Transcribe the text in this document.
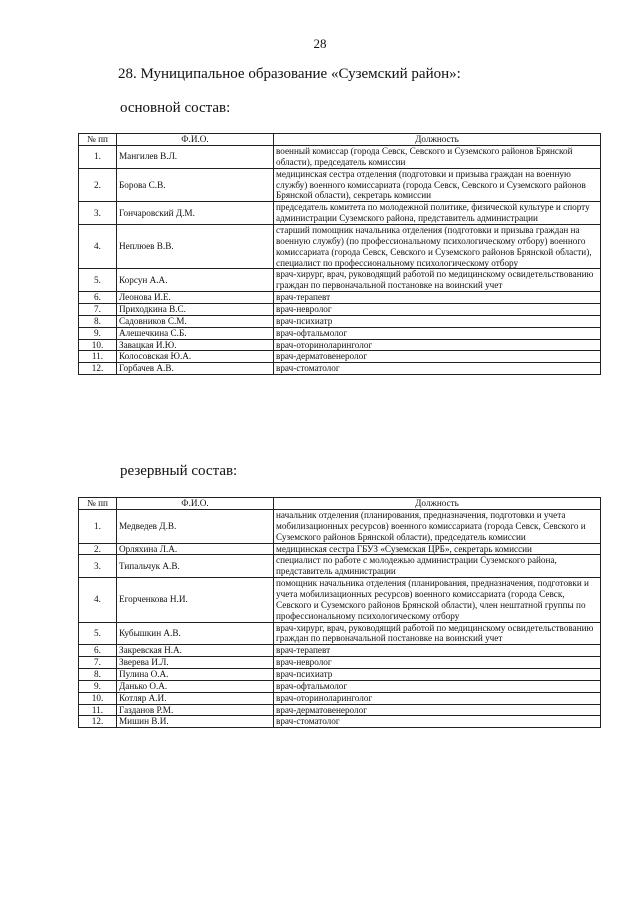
28
28. Муниципальное образование «Суземский район»:
основной состав:
№ пп	Ф.И.О.	Должность
1.	Мангилев В.Л.	военный комиссар (города Севск, Севского и Суземского районов Брянской области), председатель комиссии
2.	Борова С.В.	медицинская сестра отделения (подготовки и призыва граждан на военную службу) военного комиссариата (города Севск, Севского и Суземского районов Брянской области), секретарь комиссии
3.	Гончаровский Д.М.	председатель комитета по молодежной политике, физической культуре и спорту администрации Суземского района, представитель администрации
4.	Неплюев В.В.	старший помощник начальника отделения (подготовки и призыва граждан на военную службу) (по профессиональному психологическому отбору) военного комиссариата (города Севск, Севского и Суземского районов Брянской области), специалист по профессиональному психологическому отбору
5.	Корсун А.А.	врач-хирург, врач, руководящий работой по медицинскому освидетельствованию граждан по первоначальной постановке на воинский учет
6.	Леонова И.Е.	врач-терапевт
7.	Приходкина В.С.	врач-невролог
8.	Садовников С.М.	врач-психиатр
9.	Алешечкина С.Б.	врач-офтальмолог
10.	Завацкая И.Ю.	врач-оториноларинголог
11.	Колосовская Ю.А.	врач-дерматовенеролог
12.	Горбачев А.В.	врач-стоматолог
резервный состав:
№ пп	Ф.И.О.	Должность
1.	Медведев Д.В.	начальник отделения (планирования, предназначения, подготовки и учета мобилизационных ресурсов) военного комиссариата (города Севск, Севского и Суземского районов Брянской области), председатель комиссии
2.	Орляхина Л.А.	медицинская сестра ГБУЗ «Суземская ЦРБ», секретарь комиссии
3.	Типальчук А.В.	специалист по работе с молодежью администрации Суземского района, представитель администрации
4.	Егорченкова Н.И.	помощник начальника отделения (планирования, предназначения, подготовки и учета мобилизационных ресурсов) военного комиссариата (города Севск, Севского и Суземского районов Брянской области), член нештатной группы по профессиональному психологическому отбору
5.	Кубышкин А.В.	врач-хирург, врач, руководящий работой по медицинскому освидетельствованию граждан по первоначальной постановке на воинский учет
6.	Закревская Н.А.	врач-терапевт
7.	Зверева И.Л.	врач-невролог
8.	Пулина О.А.	врач-психиатр
9.	Данько О.А.	врач-офтальмолог
10.	Котляр А.И.	врач-оториноларинголог
11.	Газданов Р.М.	врач-дерматовенеролог
12.	Мишин В.И.	врач-стоматолог
